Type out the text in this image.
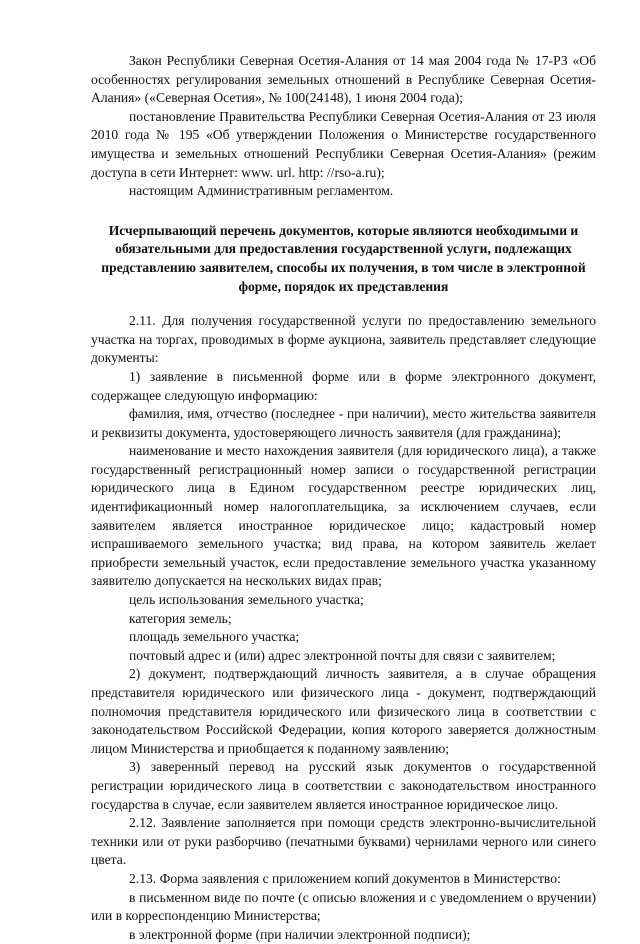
Закон Республики Северная Осетия-Алания от 14 мая 2004 года № 17-РЗ «Об особенностях регулирования земельных отношений в Республике Северная Осетия-Алания» («Северная Осетия», № 100(24148), 1 июня 2004 года);

постановление Правительства Республики Северная Осетия-Алания от 23 июля 2010 года № 195 «Об утверждении Положения о Министерстве государственного имущества и земельных отношений Республики Северная Осетия-Алания» (режим доступа в сети Интернет: www. url. http: //rso-a.ru);

настоящим Административным регламентом.

Исчерпывающий перечень документов, которые являются необходимыми и обязательными для предоставления государственной услуги, подлежащих представлению заявителем, способы их получения, в том числе в электронной форме, порядок их представления

2.11. Для получения государственной услуги по предоставлению земельного участка на торгах, проводимых в форме аукциона, заявитель представляет следующие документы:

1) заявление в письменной форме или в форме электронного документ, содержащее следующую информацию:

фамилия, имя, отчество (последнее - при наличии), место жительства заявителя и реквизиты документа, удостоверяющего личность заявителя (для гражданина);

наименование и место нахождения заявителя (для юридического лица), а также государственный регистрационный номер записи о государственной регистрации юридического лица в Едином государственном реестре юридических лиц, идентификационный номер налогоплательщика, за исключением случаев, если заявителем является иностранное юридическое лицо; кадастровый номер испрашиваемого земельного участка; вид права, на котором заявитель желает приобрести земельный участок, если предоставление земельного участка указанному заявителю допускается на нескольких видах прав;

цель использования земельного участка;

категория земель;

площадь земельного участка;

почтовый адрес и (или) адрес электронной почты для связи с заявителем;

2) документ, подтверждающий личность заявителя, а в случае обращения представителя юридического или физического лица - документ, подтверждающий полномочия представителя юридического или физического лица в соответствии с законодательством Российской Федерации, копия которого заверяется должностным лицом Министерства и приобщается к поданному заявлению;

3) заверенный перевод на русский язык документов о государственной регистрации юридического лица в соответствии с законодательством иностранного государства в случае, если заявителем является иностранное юридическое лицо.

2.12. Заявление заполняется при помощи средств электронно-вычислительной техники или от руки разборчиво (печатными буквами) чернилами черного или синего цвета.

2.13. Форма заявления с приложением копий документов в Министерство:

в письменном виде по почте (с описью вложения и с уведомлением о вручении) или в корреспонденцию Министерства;

в электронной форме (при наличии электронной подписи);
